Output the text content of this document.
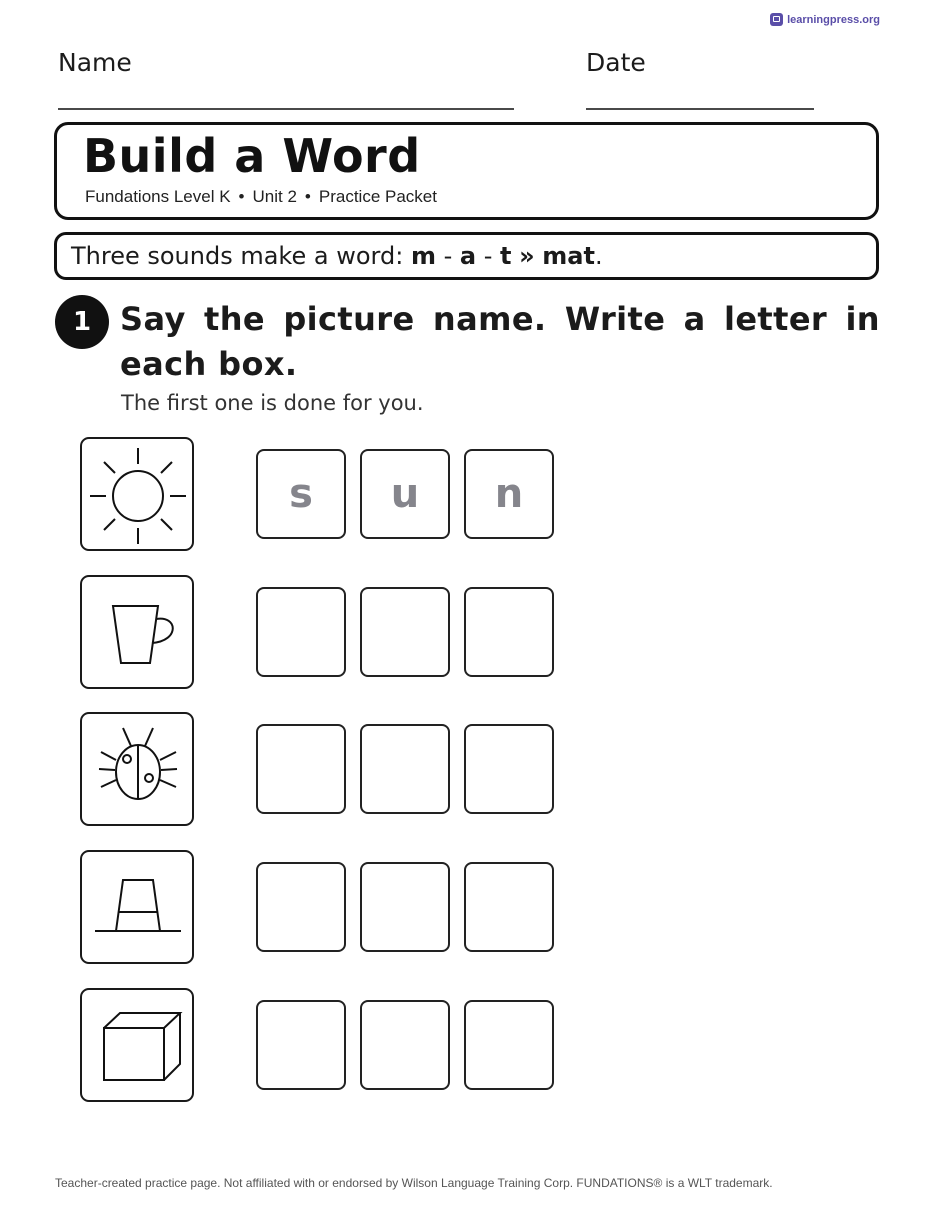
learningpress.org
Name	Date
Build a Word
Fundations Level K • Unit 2 • Practice Packet
Three sounds make a word: m - a - t » mat.
1 Say the picture name. Write a letter in each box.
The first one is done for you.
s	u	n
Teacher-created practice page. Not affiliated with or endorsed by Wilson Language Training Corp. FUNDATIONS® is a WLT trademark.
